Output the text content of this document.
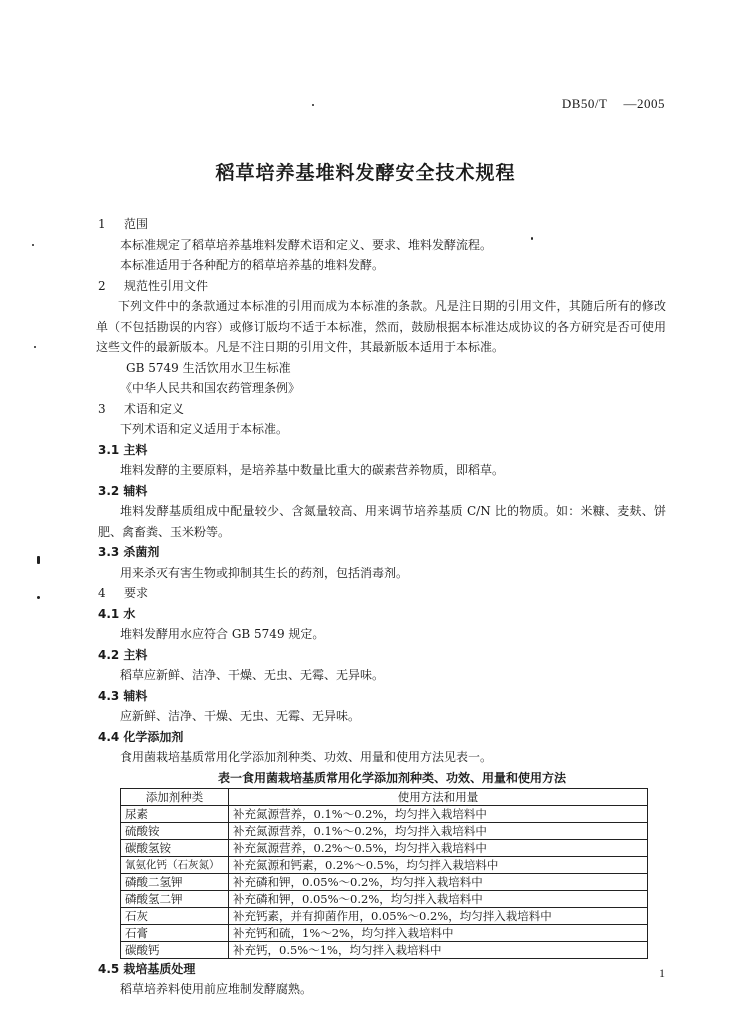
DB50/T —2005
稻草培养基堆料发酵安全技术规程
1 范围
本标准规定了稻草培养基堆料发酵术语和定义、要求、堆料发酵流程。
本标准适用于各种配方的稻草培养基的堆料发酵。
2 规范性引用文件
下列文件中的条款通过本标准的引用而成为本标准的条款。凡是注日期的引用文件，其随后所有的修改单（不包括勘误的内容）或修订版均不适于本标准，然而，鼓励根据本标准达成协议的各方研究是否可使用这些文件的最新版本。凡是不注日期的引用文件，其最新版本适用于本标准。
GB 5749 生活饮用水卫生标准
《中华人民共和国农药管理条例》
3 术语和定义
下列术语和定义适用于本标准。
3.1 主料
堆料发酵的主要原料，是培养基中数量比重大的碳素营养物质，即稻草。
3.2 辅料
堆料发酵基质组成中配量较少、含氮量较高、用来调节培养基质 C/N 比的物质。如：米糠、麦麸、饼肥、禽畜粪、玉米粉等。
3.3 杀菌剂
用来杀灭有害生物或抑制其生长的药剂，包括消毒剂。
4 要求
4.1 水
堆料发酵用水应符合 GB 5749 规定。
4.2 主料
稻草应新鲜、洁净、干燥、无虫、无霉、无异味。
4.3 辅料
应新鲜、洁净、干燥、无虫、无霉、无异味。
4.4 化学添加剂
食用菌栽培基质常用化学添加剂种类、功效、用量和使用方法见表一。
表一食用菌栽培基质常用化学添加剂种类、功效、用量和使用方法
添加剂种类	使用方法和用量
尿素	补充氮源营养，0.1%～0.2%，均匀拌入栽培料中
硫酸铵	补充氮源营养，0.1%～0.2%，均匀拌入栽培料中
碳酸氢铵	补充氮源营养，0.2%～0.5%，均匀拌入栽培料中
氰氨化钙（石灰氮）	补充氮源和钙素，0.2%～0.5%，均匀拌入栽培料中
磷酸二氢钾	补充磷和钾，0.05%～0.2%，均匀拌入栽培料中
磷酸氢二钾	补充磷和钾，0.05%～0.2%，均匀拌入栽培料中
石灰	补充钙素，并有抑菌作用，0.05%～0.2%，均匀拌入栽培料中
石膏	补充钙和硫，1%～2%，均匀拌入栽培料中
碳酸钙	补充钙，0.5%～1%，均匀拌入栽培料中
4.5 栽培基质处理
稻草培养料使用前应堆制发酵腐熟。
1
